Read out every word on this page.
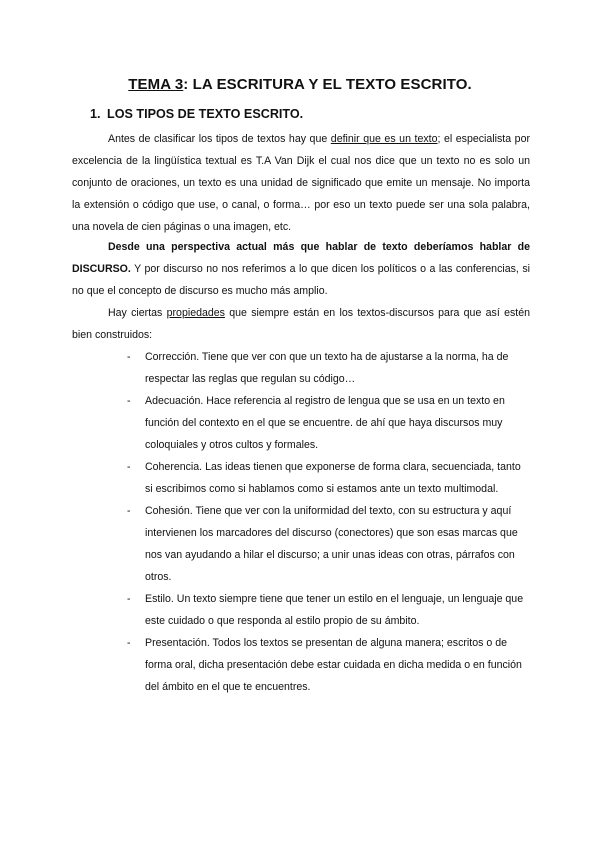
TEMA 3: LA ESCRITURA Y EL TEXTO ESCRITO.
1. LOS TIPOS DE TEXTO ESCRITO.
Antes de clasificar los tipos de textos hay que definir que es un texto; el especialista por excelencia de la lingüística textual es T.A Van Dijk el cual nos dice que un texto no es solo un conjunto de oraciones, un texto es una unidad de significado que emite un mensaje. No importa la extensión o código que use, o canal, o forma… por eso un texto puede ser una sola palabra, una novela de cien páginas o una imagen, etc.
Desde una perspectiva actual más que hablar de texto deberíamos hablar de DISCURSO. Y por discurso no nos referimos a lo que dicen los políticos o a las conferencias, si no que el concepto de discurso es mucho más amplio.
Hay ciertas propiedades que siempre están en los textos-discursos para que así estén bien construidos:
- Corrección. Tiene que ver con que un texto ha de ajustarse a la norma, ha de respectar las reglas que regulan su código…
- Adecuación. Hace referencia al registro de lengua que se usa en un texto en función del contexto en el que se encuentre. de ahí que haya discursos muy coloquiales y otros cultos y formales.
- Coherencia. Las ideas tienen que exponerse de forma clara, secuenciada, tanto si escribimos como si hablamos como si estamos ante un texto multimodal.
- Cohesión. Tiene que ver con la uniformidad del texto, con su estructura y aquí intervienen los marcadores del discurso (conectores) que son esas marcas que nos van ayudando a hilar el discurso; a unir unas ideas con otras, párrafos con otros.
- Estilo. Un texto siempre tiene que tener un estilo en el lenguaje, un lenguaje que este cuidado o que responda al estilo propio de su ámbito.
- Presentación. Todos los textos se presentan de alguna manera; escritos o de forma oral, dicha presentación debe estar cuidada en dicha medida o en función del ámbito en el que te encuentres.
